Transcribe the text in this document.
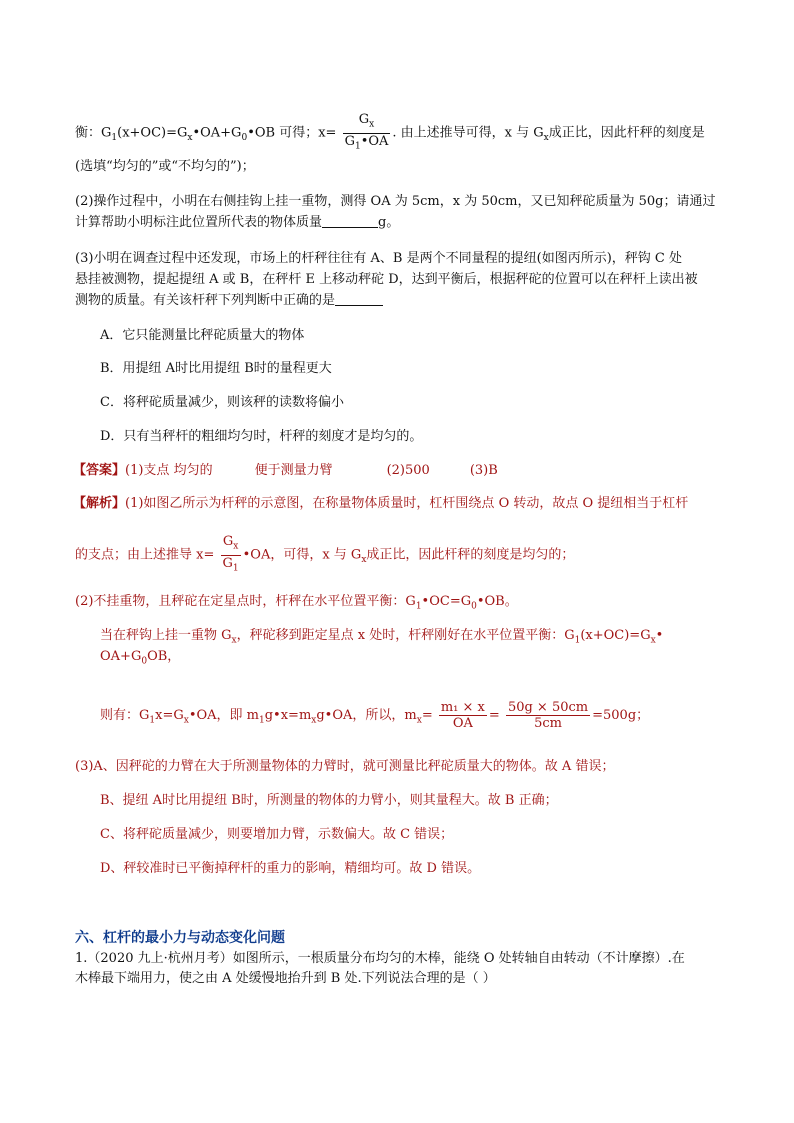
衡：$G_1(x+OC)=G_x•OA+G_0•OB$ 可得；$x= \frac{G_x}{G_1•OA}$ . 由上述推导可得，x 与 $G_x$成正比，因此杆秤的刻度是
(选填“均匀的”或“不均匀的”)；
(2)操作过程中，小明在右侧挂钩上挂一重物，测得 OA 为 5cm，x 为 50cm，又已知秤砣质量为 50g；请通过
计算帮助小明标注此位置所代表的物体质量	g。
(3)小明在调查过程中还发现，市场上的杆秤往往有 A、B 是两个不同量程的提纽(如图丙所示)，秤钩 C 处
悬挂被测物，提起提纽 A 或 B，在秤杆 E 上移动秤砣 D，达到平衡后，根据秤砣的位置可以在秤杆上读出被
测物的质量。有关该杆秤下列判断中正确的是
A．它只能测量比秤砣质量大的物体
B．用提纽 A时比用提纽 B时的量程更大
C．将秤砣质量减少，则该秤的读数将偏小
D．只有当秤杆的粗细均匀时，杆秤的刻度才是均匀的。
【答案】(1)支点 均匀的	便于测量力臂	(2)500	(3)B
【解析】(1)如图乙所示为杆秤的示意图，在称量物体质量时，杠杆围绕点 O 转动，故点 O 提纽相当于杠杆
的支点；由上述推导 $x= \frac{G_x}{G_1}$ •OA，可得，x 与 $G_x$成正比，因此杆秤的刻度是均匀的；
(2)不挂重物，且秤砣在定星点时，杆秤在水平位置平衡：$G_1•OC=G_0•OB$。
当在秤钩上挂一重物 $G_x$，秤砣移到距定星点 x 处时，杆秤刚好在水平位置平衡：$G_1(x+OC)=G_x•$
$OA+G_0OB$，
则有：$G_1x=G_x•OA$，即 $m_1g•x=m_xg•OA$，所以，$m_x= \frac{\text{m₁ × x}}{OA} = \frac{50g \times 50cm}{5cm} =500g$；
(3)A、因秤砣的力臂在大于所测量物体的力臂时，就可测量比秤砣质量大的物体。故 A 错误；
B、提纽 A时比用提纽 B时，所测量的物体的力臂小，则其量程大。故 B 正确；
C、将秤砣质量减少，则要增加力臂，示数偏大。故 C 错误；
D、秤较准时已平衡掉秤杆的重力的影响，精细均可。故 D 错误。
六、杠杆的最小力与动态变化问题
1.（2020 九上·杭州月考）如图所示，一根质量分布均匀的木棒，能绕 O 处转轴自由转动（不计摩擦）.在
木棒最下端用力，使之由 A 处缓慢地抬升到 B 处.下列说法合理的是（ ）
